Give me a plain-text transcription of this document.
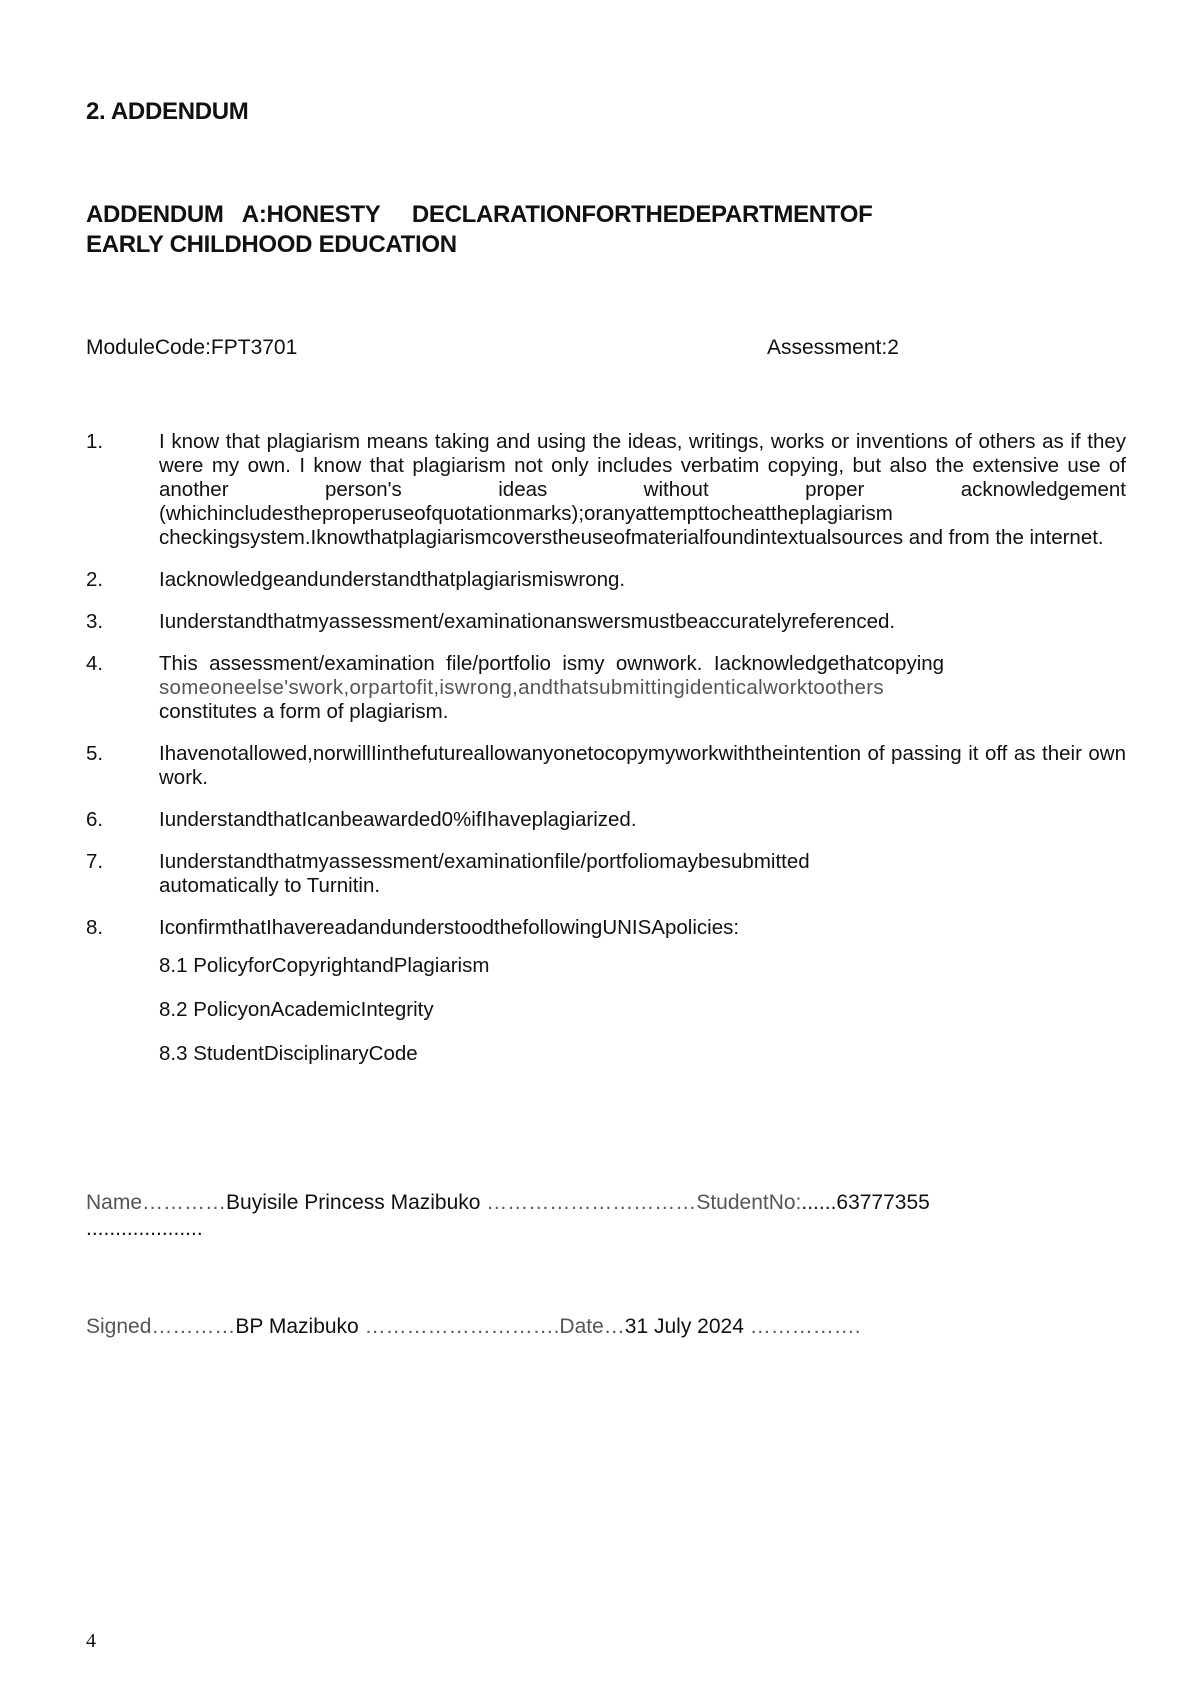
2. ADDENDUM
ADDENDUM   A:HONESTY     DECLARATIONFORTHEDEPARTMENTOF
EARLY CHILDHOOD EDUCATION
ModuleCode:FPT3701	Assessment:2
1.	I know that plagiarism means taking and using the ideas, writings, works or inventions of others as if they were my own. I know that plagiarism not only includes verbatim copying, but also the extensive use of another person's ideas without proper acknowledgement (whichincludestheproperuseofquotationmarks);oranyattempttocheattheplagiarism checkingsystem.Iknowthatplagiarismcoverstheuseofmaterialfoundintextualsources and from the internet.
2.	Iacknowledgeandunderstandthatplagiarismiswrong.
3.	Iunderstandthatmyassessment/examinationanswersmustbeaccuratelyreferenced.
4.	This  assessment/examination  file/portfolio  ismy  ownwork.  Iacknowledgethatcopying
someoneelse'swork,orpartofit,iswrong,andthatsubmittingidenticalworktoothers
constitutes a form of plagiarism.
5.	Ihavenotallowed,norwillIinthefutureallowanyonetocopymyworkwiththeintention of passing it off as their own work.
6.	IunderstandthatIcanbeawarded0%ifIhaveplagiarized.
7.	Iunderstandthatmyassessment/examinationfile/portfoliomaybesubmitted
automatically to Turnitin.
8.	IconfirmthatIhavereadandunderstoodthefollowingUNISApolicies:
8.1 PolicyforCopyrightandPlagiarism
8.2 PolicyonAcademicIntegrity
8.3 StudentDisciplinaryCode
Name…………Buyisile Princess Mazibuko …………………………StudentNo:......63777355
....................
Signed…………BP Mazibuko ……………………….Date…31 July 2024 …………….
4
